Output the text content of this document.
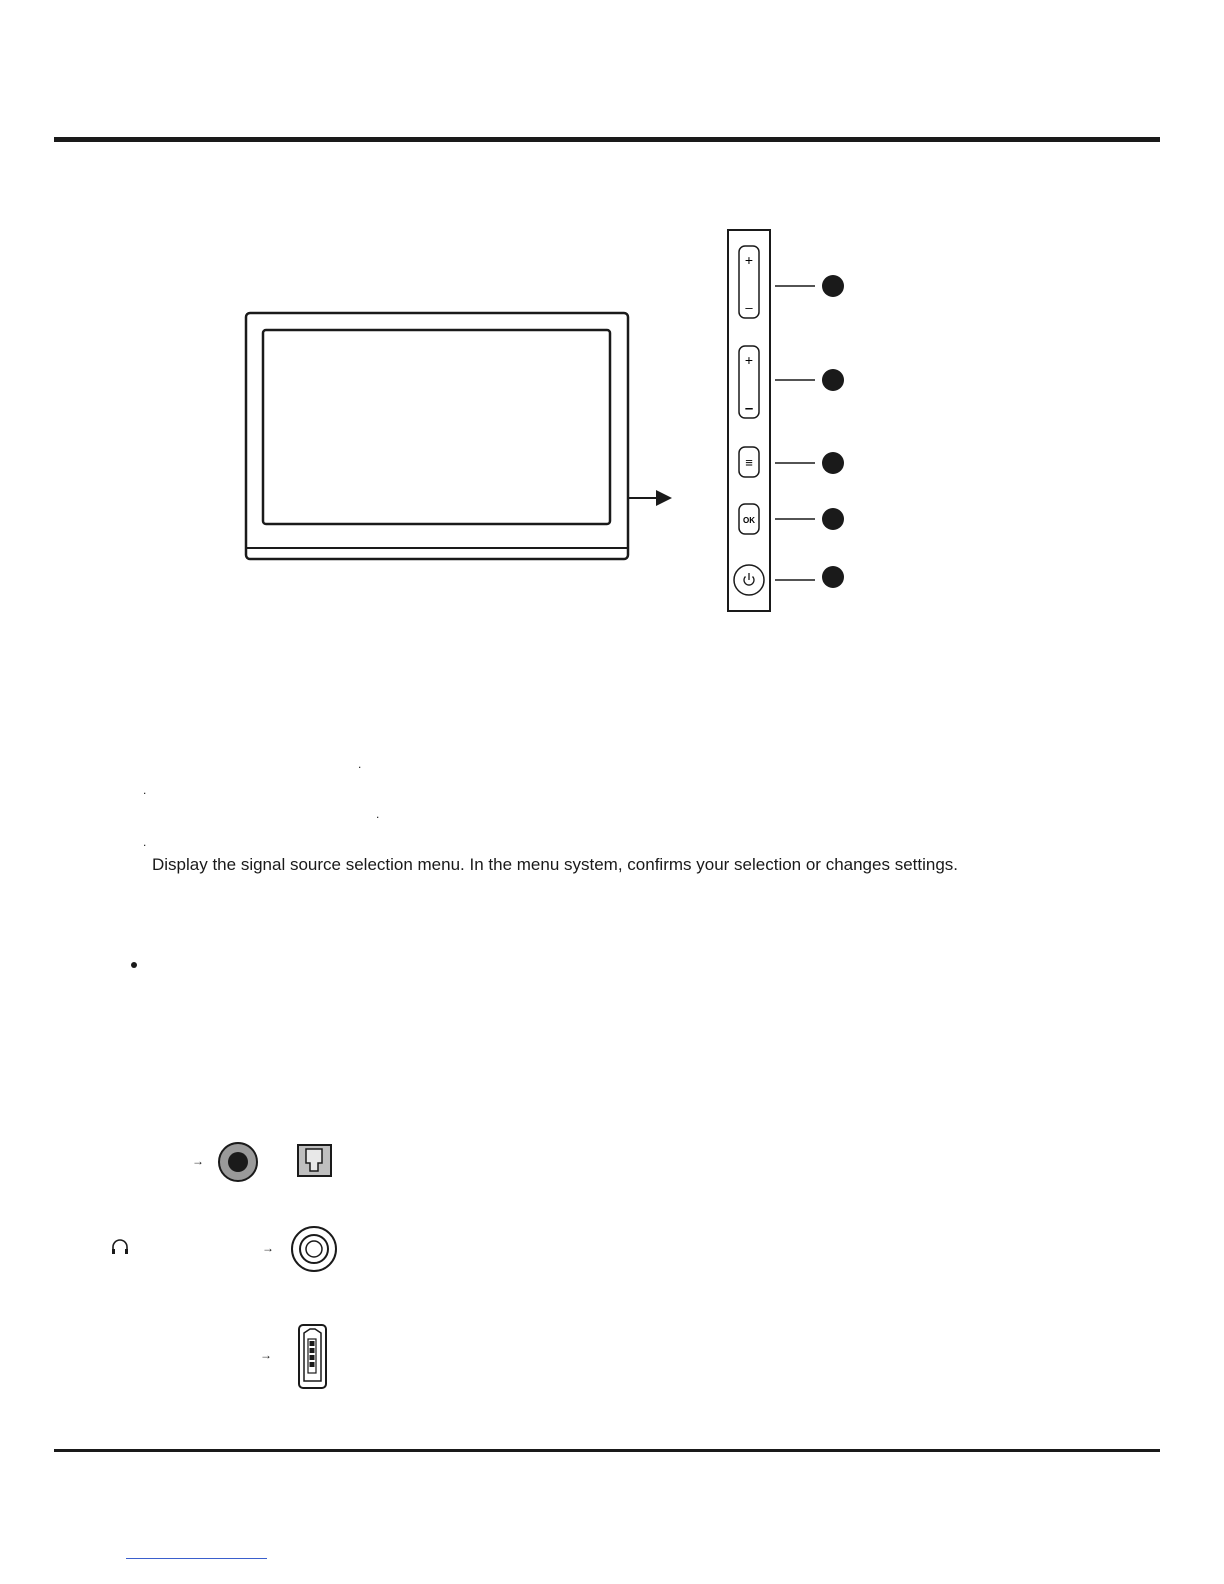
+
–
+
–
≡
OK
.
.
.
.
Display the signal source selection menu. In the menu system, confirms your selection or changes settings.
→
→
→
